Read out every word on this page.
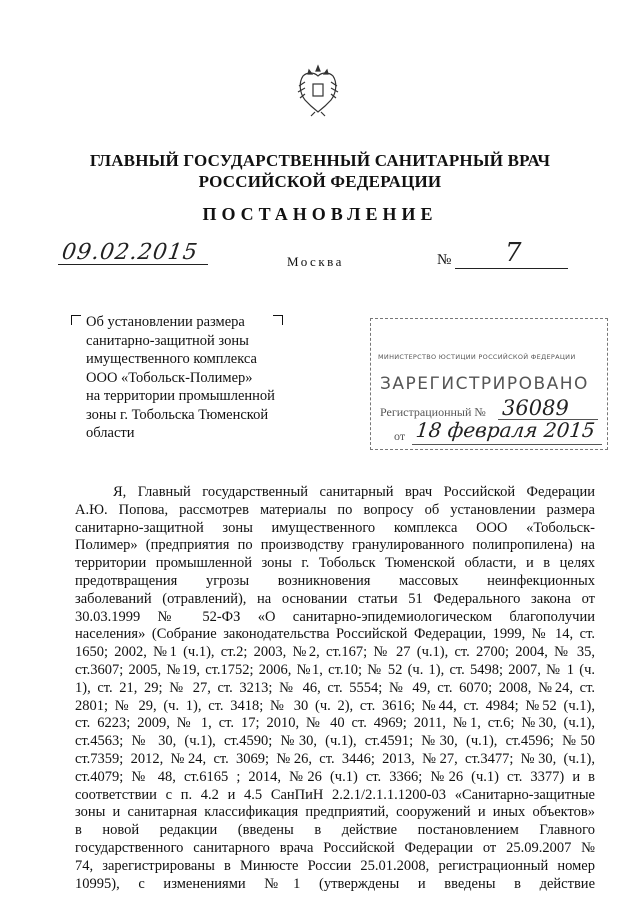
ГЛАВНЫЙ ГОСУДАРСТВЕННЫЙ САНИТАРНЫЙ ВРАЧ
РОССИЙСКОЙ ФЕДЕРАЦИИ
ПОСТАНОВЛЕНИЕ
09.02.2015	Москва	№ 7
Об установлении размера
санитарно-защитной зоны
имущественного комплекса
ООО «Тобольск-Полимер»
на территории промышленной
зоны г. Тобольска Тюменской
области
МИНИСТЕРСТВО ЮСТИЦИИ РОССИЙСКОЙ ФЕДЕРАЦИИ
ЗАРЕГИСТРИРОВАНО
Регистрационный № 36089
от 18 февраля 2015
Я, Главный государственный санитарный врач Российской Федерации
А.Ю. Попова, рассмотрев материалы по вопросу об установлении размера
санитарно-защитной зоны имущественного комплекса ООО «Тобольск-
Полимер» (предприятия по производству гранулированного полипропилена) на
территории промышленной зоны г. Тобольск Тюменской области, и в целях
предотвращения угрозы возникновения массовых неинфекционных
заболеваний (отравлений), на основании статьи 51 Федерального закона от
30.03.1999 № 52-ФЗ «О санитарно-эпидемиологическом благополучии
населения» (Собрание законодательства Российской Федерации, 1999, № 14, ст.
1650; 2002, №1 (ч.1), ст.2; 2003, №2, ст.167; № 27 (ч.1), ст. 2700; 2004, № 35,
ст.3607; 2005, №19, ст.1752; 2006, №1, ст.10; № 52 (ч. 1), ст. 5498; 2007, № 1 (ч.
1), ст. 21, 29; № 27, ст. 3213; № 46, ст. 5554; № 49, ст. 6070; 2008, №24, ст.
2801; № 29, (ч. 1), ст. 3418; № 30 (ч. 2), ст. 3616; №44, ст. 4984; №52 (ч.1),
ст. 6223; 2009, № 1, ст. 17; 2010, № 40 ст. 4969; 2011, №1, ст.6; №30, (ч.1),
ст.4563; № 30, (ч.1), ст.4590; №30, (ч.1), ст.4591; №30, (ч.1), ст.4596; №50
ст.7359; 2012, №24, ст. 3069; №26, ст. 3446; 2013, №27, ст.3477; №30, (ч.1),
ст.4079; № 48, ст.6165 ; 2014, №26 (ч.1) ст. 3366; №26 (ч.1) ст. 3377) и в
соответствии с п. 4.2 и 4.5 СанПиН 2.2.1/2.1.1.1200-03 «Санитарно-защитные
зоны и санитарная классификация предприятий, сооружений и иных объектов»
в новой редакции (введены в действие постановлением Главного
государственного санитарного врача Российской Федерации от 25.09.2007 №
74, зарегистрированы в Минюсте России 25.01.2008, регистрационный номер
10995), с изменениями №1 (утверждены и введены в действие
